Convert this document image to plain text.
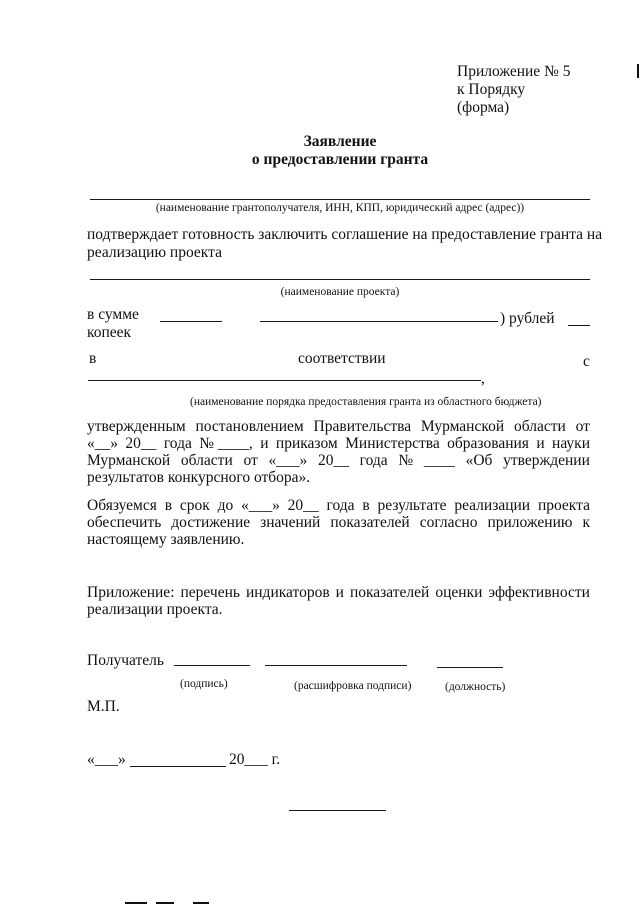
Приложение № 5
к Порядку
(форма)
Заявление
о предоставлении гранта
(наименование грантополучателя, ИНН, КПП, юридический адрес (адрес))
подтверждает готовность заключить соглашение на предоставление гранта на
реализацию проекта
(наименование проекта)
в сумме	) рублей
копеек
в	соответствии	с
,
(наименование порядка предоставления гранта из областного бюджета)
утвержденным постановлением Правительства Мурманской области от
«__» 20__ года № ____, и приказом Министерства образования и науки
Мурманской области от «___» 20__ года № ____ «Об утверждении
результатов конкурсного отбора».
Обязуемся в срок до «___» 20__ года в результате реализации проекта
обеспечить достижение значений показателей согласно приложению к
настоящему заявлению.
Приложение: перечень индикаторов и показателей оценки эффективности
реализации проекта.
Получатель
(подпись)	(расшифровка подписи)	(должность)
М.П.
«___»	20___ г.
